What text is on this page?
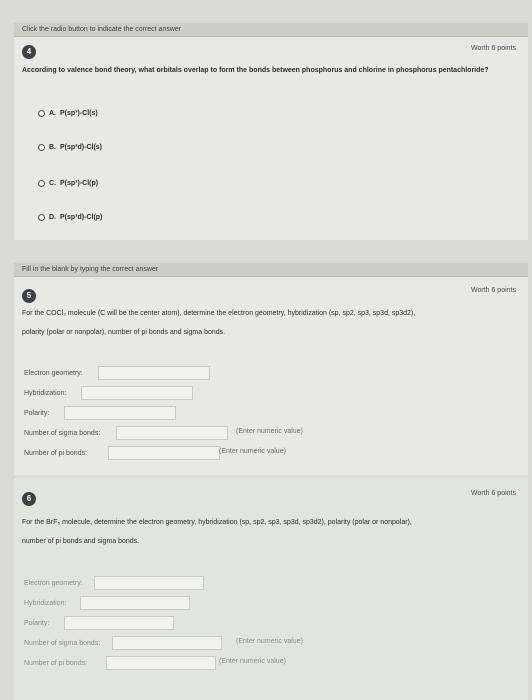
Click the radio button to indicate the correct answer
4	Worth 6 points
According to valence bond theory, what orbitals overlap to form the bonds between phosphorus and chlorine in phosphorus pentachloride?
A. P(sp³)-Cl(s)
B. P(sp³d)-Cl(s)
C. P(sp³)-Cl(p)
D. P(sp³d)-Cl(p)
Fill in the blank by typing the correct answer
5
Worth 6 points
For the COCl₂ molecule (C will be the center atom), determine the electron geometry, hybridization (sp, sp2, sp3, sp3d, sp3d2),
polarity (polar or nonpolar), number of pi bonds and sigma bonds.
Electron geometry:
Hybridization:
Polarity:
Number of sigma bonds:	(Enter numeric value)
Number of pi bonds:	(Enter numeric value)
6
Worth 6 points
For the BrF₅ molecule, determine the electron geometry, hybridization (sp, sp2, sp3, sp3d, sp3d2), polarity (polar or nonpolar),
number of pi bonds and sigma bonds.
Electron geometry:
Hybridization:
Polarity:
Number of sigma bonds:	(Enter numeric value)
Number of pi bonds:	(Enter numeric value)
